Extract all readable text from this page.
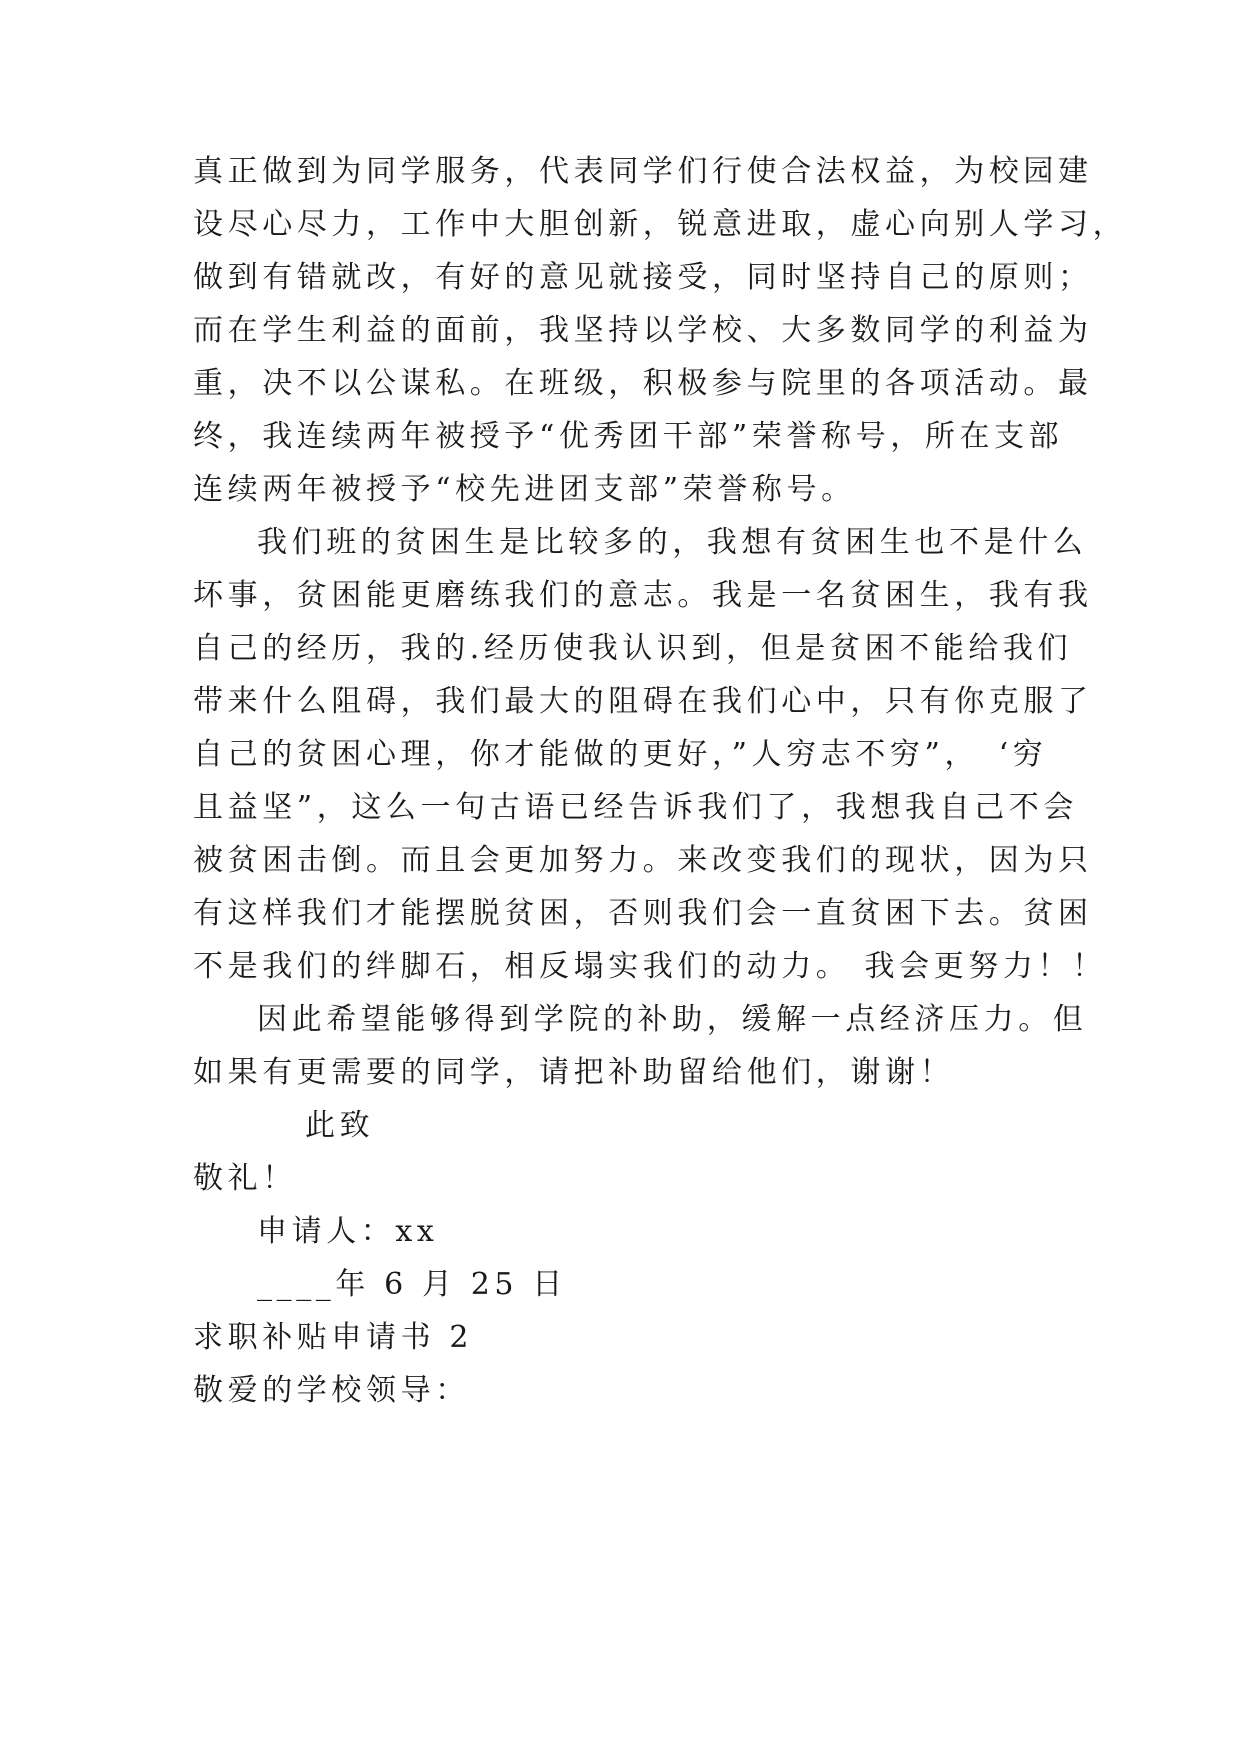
真正做到为同学服务，代表同学们行使合法权益，为校园建
设尽心尽力，工作中大胆创新，锐意进取，虚心向别人学习，
做到有错就改，有好的意见就接受，同时坚持自己的原则；
而在学生利益的面前，我坚持以学校、大多数同学的利益为
重，决不以公谋私。在班级，积极参与院里的各项活动。最
终，我连续两年被授予“优秀团干部”荣誉称号，所在支部
连续两年被授予“校先进团支部”荣誉称号。
我们班的贫困生是比较多的，我想有贫困生也不是什么
坏事，贫困能更磨练我们的意志。我是一名贫困生，我有我
自己的经历，我的.经历使我认识到，但是贫困不能给我们
带来什么阻碍，我们最大的阻碍在我们心中，只有你克服了
自己的贫困心理，你才能做的更好，”人穷志不穷”，　‘穷
且益坚”，这么一句古语已经告诉我们了，我想我自己不会
被贫困击倒。而且会更加努力。来改变我们的现状，因为只
有这样我们才能摆脱贫困，否则我们会一直贫困下去。贫困
不是我们的绊脚石，相反塌实我们的动力。 我会更努力！！
因此希望能够得到学院的补助，缓解一点经济压力。但
如果有更需要的同学，请把补助留给他们，谢谢！
此致
敬礼！
申请人：xx
____年 6 月 25 日
求职补贴申请书 2
敬爱的学校领导：
